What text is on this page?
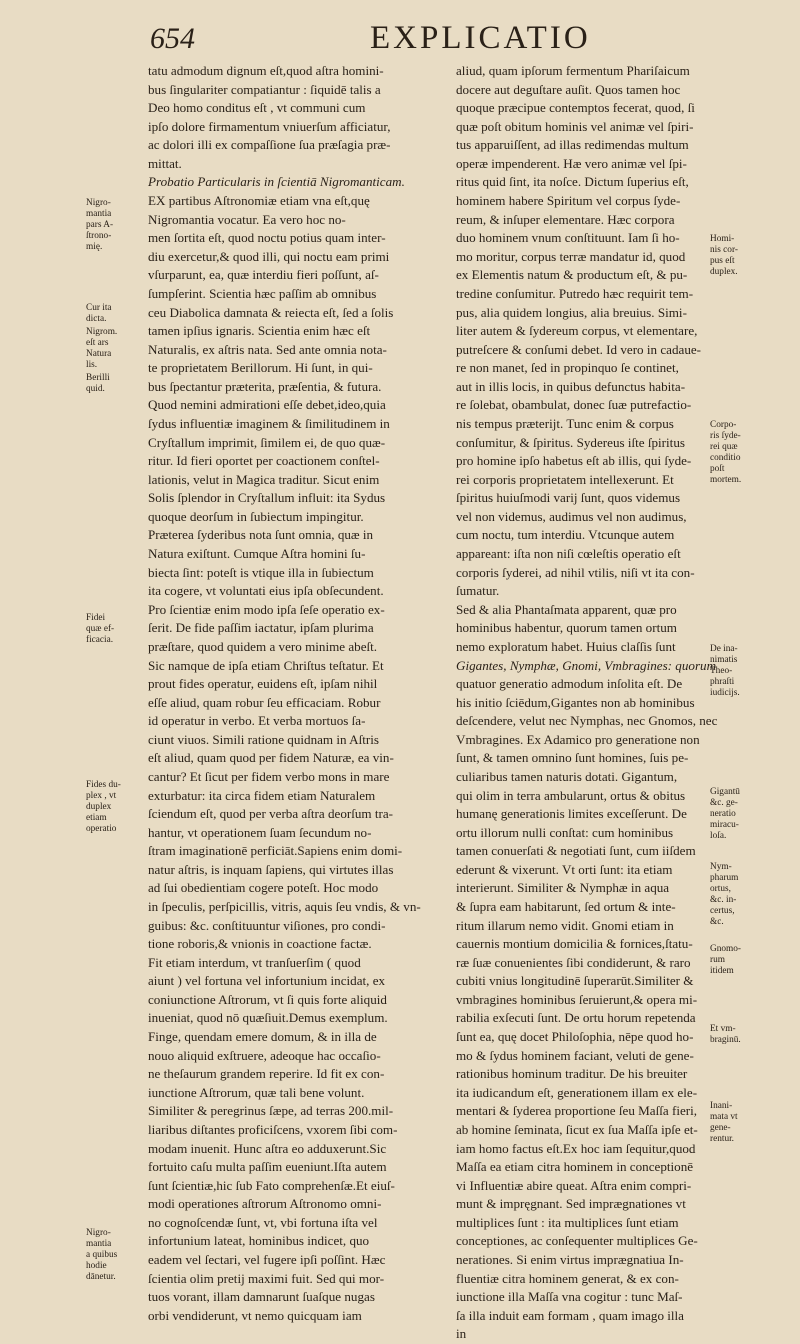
654	EXPLICATIO
tatu admodum dignum eſt,quod aſtra homini-
bus ſingulariter compatiantur : ſiquidē talis a
Deo homo conditus eſt , vt communi cum
ipſo dolore firmamentum vniuerſum afficiatur,
ac dolori illi ex compaſſione ſua præſagia præ-
mittat.
Probatio Particularis in ſcientiā Nigromanticam.
EX partibus Aſtronomiæ etiam vna eſt,quę
Nigromantia vocatur. Ea vero hoc no-
men ſortita eſt, quod noctu potius quam inter-
diu exercetur,& quod illi, qui noctu eam primi
vſurparunt, ea, quæ interdiu fieri poſſunt, aſ-
ſumpſerint. Scientia hæc paſſim ab omnibus
ceu Diabolica damnata & reiecta eſt, ſed a ſolis
tamen ipſius ignaris. Scientia enim hæc eſt
Naturalis, ex aſtris nata. Sed ante omnia nota-
te proprietatem Berillorum. Hi ſunt, in qui-
bus ſpectantur præterita, præſentia, & futura.
Quod nemini admirationi eſſe debet,ideo,quia
ſydus influentiæ imaginem & ſimilitudinem in
Cryſtallum imprimit, ſimilem ei, de quo quæ-
ritur. Id fieri oportet per coactionem conſtel-
lationis, velut in Magica traditur. Sicut enim
Solis ſplendor in Cryſtallum influit: ita Sydus
quoque deorſum in ſubiectum impingitur.
Præterea ſyderibus nota ſunt omnia, quæ in
Natura exiſtunt. Cumque Aſtra homini ſu-
biecta ſint: poteſt is vtique illa in ſubiectum
ita cogere, vt voluntati eius ipſa obſecundent.
Pro ſcientiæ enim modo ipſa ſeſe operatio ex-
ſerit. De fide paſſim iactatur, ipſam plurima
præſtare, quod quidem a vero minime abeſt.
Sic namque de ipſa etiam Chriſtus teſtatur. Et
prout fides operatur, euidens eſt, ipſam nihil
eſſe aliud, quam robur ſeu efficaciam. Robur
id operatur in verbo. Et verba mortuos ſa-
ciunt viuos. Simili ratione quidnam in Aſtris
eſt aliud, quam quod per fidem Naturæ, ea vin-
cantur? Et ſicut per fidem verbo mons in mare
exturbatur: ita circa fidem etiam Naturalem
ſciendum eſt, quod per verba aſtra deorſum tra-
hantur, vt operationem ſuam ſecundum no-
ſtram imaginationē perficiāt.Sapiens enim domi-
natur aſtris, is inquam ſapiens, qui virtutes illas
ad ſui obedientiam cogere poteſt. Hoc modo
in ſpeculis, perſpicillis, vitris, aquis ſeu vndis, & vn-
guibus: &c. conſtituuntur viſiones, pro condi-
tione roboris,& vnionis in coactione factæ.
Fit etiam interdum, vt tranſuerſim ( quod
aiunt ) vel fortuna vel infortunium incidat, ex
coniunctione Aſtrorum, vt ſi quis forte aliquid
inueniat, quod nō quæſiuit.Demus exemplum.
Finge, quendam emere domum, & in illa de
nouo aliquid exſtruere, adeoque hac occaſio-
ne theſaurum grandem reperire. Id fit ex con-
iunctione Aſtrorum, quæ tali bene volunt.
Similiter & peregrinus ſæpe, ad terras 200.mil-
liaribus diſtantes proficiſcens, vxorem ſibi com-
modam inuenit. Hunc aſtra eo adduxerunt.Sic
fortuito caſu multa paſſim eueniunt.Iſta autem
ſunt ſcientiæ,hic ſub Fato comprehenſæ.Et eiuſ-
modi operationes aſtrorum Aſtronomo omni-
no cognoſcendæ ſunt, vt, vbi fortuna iſta vel
infortunium lateat, hominibus indicet, quo
eadem vel ſectari, vel fugere ipſi poſſint. Hæc
ſcientia olim pretij maximi fuit. Sed qui mor-
tuos vorant, illam damnarunt ſuaſque nugas
orbi vendiderunt, vt nemo quicquam iam
aliud, quam ipſorum fermentum Phariſaicum
docere aut deguſtare auſit. Quos tamen hoc
quoque præcipue contemptos fecerat, quod, ſi
quæ poſt obitum hominis vel animæ vel ſpiri-
tus apparuiſſent, ad illas redimendas multum
operæ impenderent. Hæ vero animæ vel ſpi-
ritus quid ſint, ita noſce. Dictum ſuperius eſt,
hominem habere Spiritum vel corpus ſyde-
reum, & inſuper elementare. Hæc corpora
duo hominem vnum conſtituunt. Iam ſi ho-
mo moritur, corpus terræ mandatur id, quod
ex Elementis natum & productum eſt, & pu-
tredine conſumitur. Putredo hæc requirit tem-
pus, alia quidem longius, alia breuius. Simi-
liter autem & ſydereum corpus, vt elementare,
putreſcere & conſumi debet. Id vero in cadaue-
re non manet, ſed in propinquo ſe continet,
aut in illis locis, in quibus defunctus habita-
re ſolebat, obambulat, donec ſuæ putrefactio-
nis tempus præterijt. Tunc enim & corpus
conſumitur, & ſpiritus. Sydereus iſte ſpiritus
pro homine ipſo habetus eſt ab illis, qui ſyde-
rei corporis proprietatem intellexerunt. Et
ſpiritus huiuſmodi varij ſunt, quos videmus
vel non videmus, audimus vel non audimus,
cum noctu, tum interdiu. Vtcunque autem
appareant: iſta non niſi cœleſtis operatio eſt
corporis ſyderei, ad nihil vtilis, niſi vt ita con-
ſumatur.
Sed & alia Phantaſmata apparent, quæ pro
hominibus habentur, quorum tamen ortum
nemo exploratum habet. Huius claſſis ſunt
Gigantes, Nymphæ, Gnomi, Vmbragines: quorum
quatuor generatio admodum inſolita eſt. De
his initio ſciēdum,Gigantes non ab hominibus
deſcendere, velut nec Nymphas, nec Gnomos, nec
Vmbragines. Ex Adamico pro generatione non
ſunt, & tamen omnino ſunt homines, ſuis pe-
culiaribus tamen naturis dotati. Gigantum,
qui olim in terra ambularunt, ortus & obitus
humanę generationis limites exceſſerunt. De
ortu illorum nulli conſtat: cum hominibus
tamen conuerſati & negotiati ſunt, cum iiſdem
ederunt & vixerunt. Vt orti ſunt: ita etiam
interierunt. Similiter & Nymphæ in aqua
& ſupra eam habitarunt, ſed ortum & inte-
ritum illarum nemo vidit. Gnomi etiam in
cauernis montium domicilia & fornices,ſtatu-
ræ ſuæ conuenientes ſibi condiderunt, & raro
cubiti vnius longitudinē ſuperarūt.Similiter &
vmbragines hominibus ſeruierunt,& opera mi-
rabilia exſecuti ſunt. De ortu horum repetenda
ſunt ea, quę docet Philoſophia, nēpe quod ho-
mo & ſydus hominem faciant, veluti de gene-
rationibus hominum traditur. De his breuiter
ita iudicandum eſt, generationem illam ex ele-
mentari & ſyderea proportione ſeu Maſſa fieri,
ab homine ſeminata, ſicut ex ſua Maſſa ipſe et-
iam homo factus eſt.Ex hoc iam ſequitur,quod
Maſſa ea etiam citra hominem in conceptionē
vi Influentiæ abire queat. Aſtra enim compri-
munt & impręgnant. Sed imprægnationes vt
multiplices ſunt : ita multiplices ſunt etiam
conceptiones, ac conſequenter multiplices Ge-
nerationes. Si enim virtus imprægnatiua In-
fluentiæ citra hominem generat, & ex con-
iunctione illa Maſſa vna cogitur : tunc Maſ-
ſa illa induit eam formam , quam imago illa
in
Nigro-
mantia
pars A-
ſtrono-
mię.
Cur ita
dicta.
Nigrom.
eſt ars
Natura
lis.
Berilli
quid.
Fidei
quæ ef-
ficacia.
Fides du-
plex , vt
duplex
etiam
operatio
Nigro-
mantia
a quibus
hodie
dānetur.
Homi-
nis cor-
pus eſt
duplex.
Corpo-
ris ſyde-
rei quæ
conditio
poſt
mortem.
De ina-
nimatis
Theo-
phraſti
iudicijs.
Gigantū
&c. ge-
neratio
miracu-
loſa.
Nym-
pharum
ortus,
&c. in-
certus,
&c.
Gnomo-
rum
itidem
Et vm-
braginū.
Inani-
mata vt
gene-
rentur.
